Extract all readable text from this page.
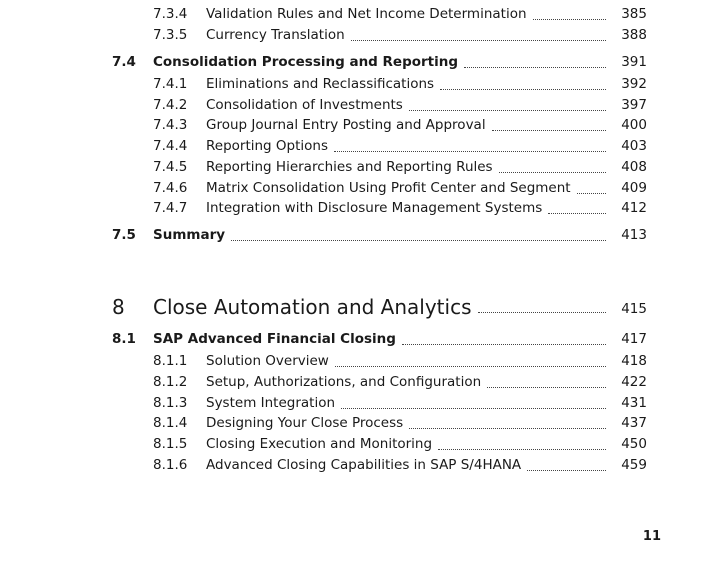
7.3.4 Validation Rules and Net Income Determination	385
7.3.5 Currency Translation	388
7.4 Consolidation Processing and Reporting	391
7.4.1 Eliminations and Reclassifications	392
7.4.2 Consolidation of Investments	397
7.4.3 Group Journal Entry Posting and Approval	400
7.4.4 Reporting Options	403
7.4.5 Reporting Hierarchies and Reporting Rules	408
7.4.6 Matrix Consolidation Using Profit Center and Segment	409
7.4.7 Integration with Disclosure Management Systems	412
7.5 Summary	413
8 Close Automation and Analytics	415
8.1 SAP Advanced Financial Closing	417
8.1.1 Solution Overview	418
8.1.2 Setup, Authorizations, and Configuration	422
8.1.3 System Integration	431
8.1.4 Designing Your Close Process	437
8.1.5 Closing Execution and Monitoring	450
8.1.6 Advanced Closing Capabilities in SAP S/4HANA	459
11
